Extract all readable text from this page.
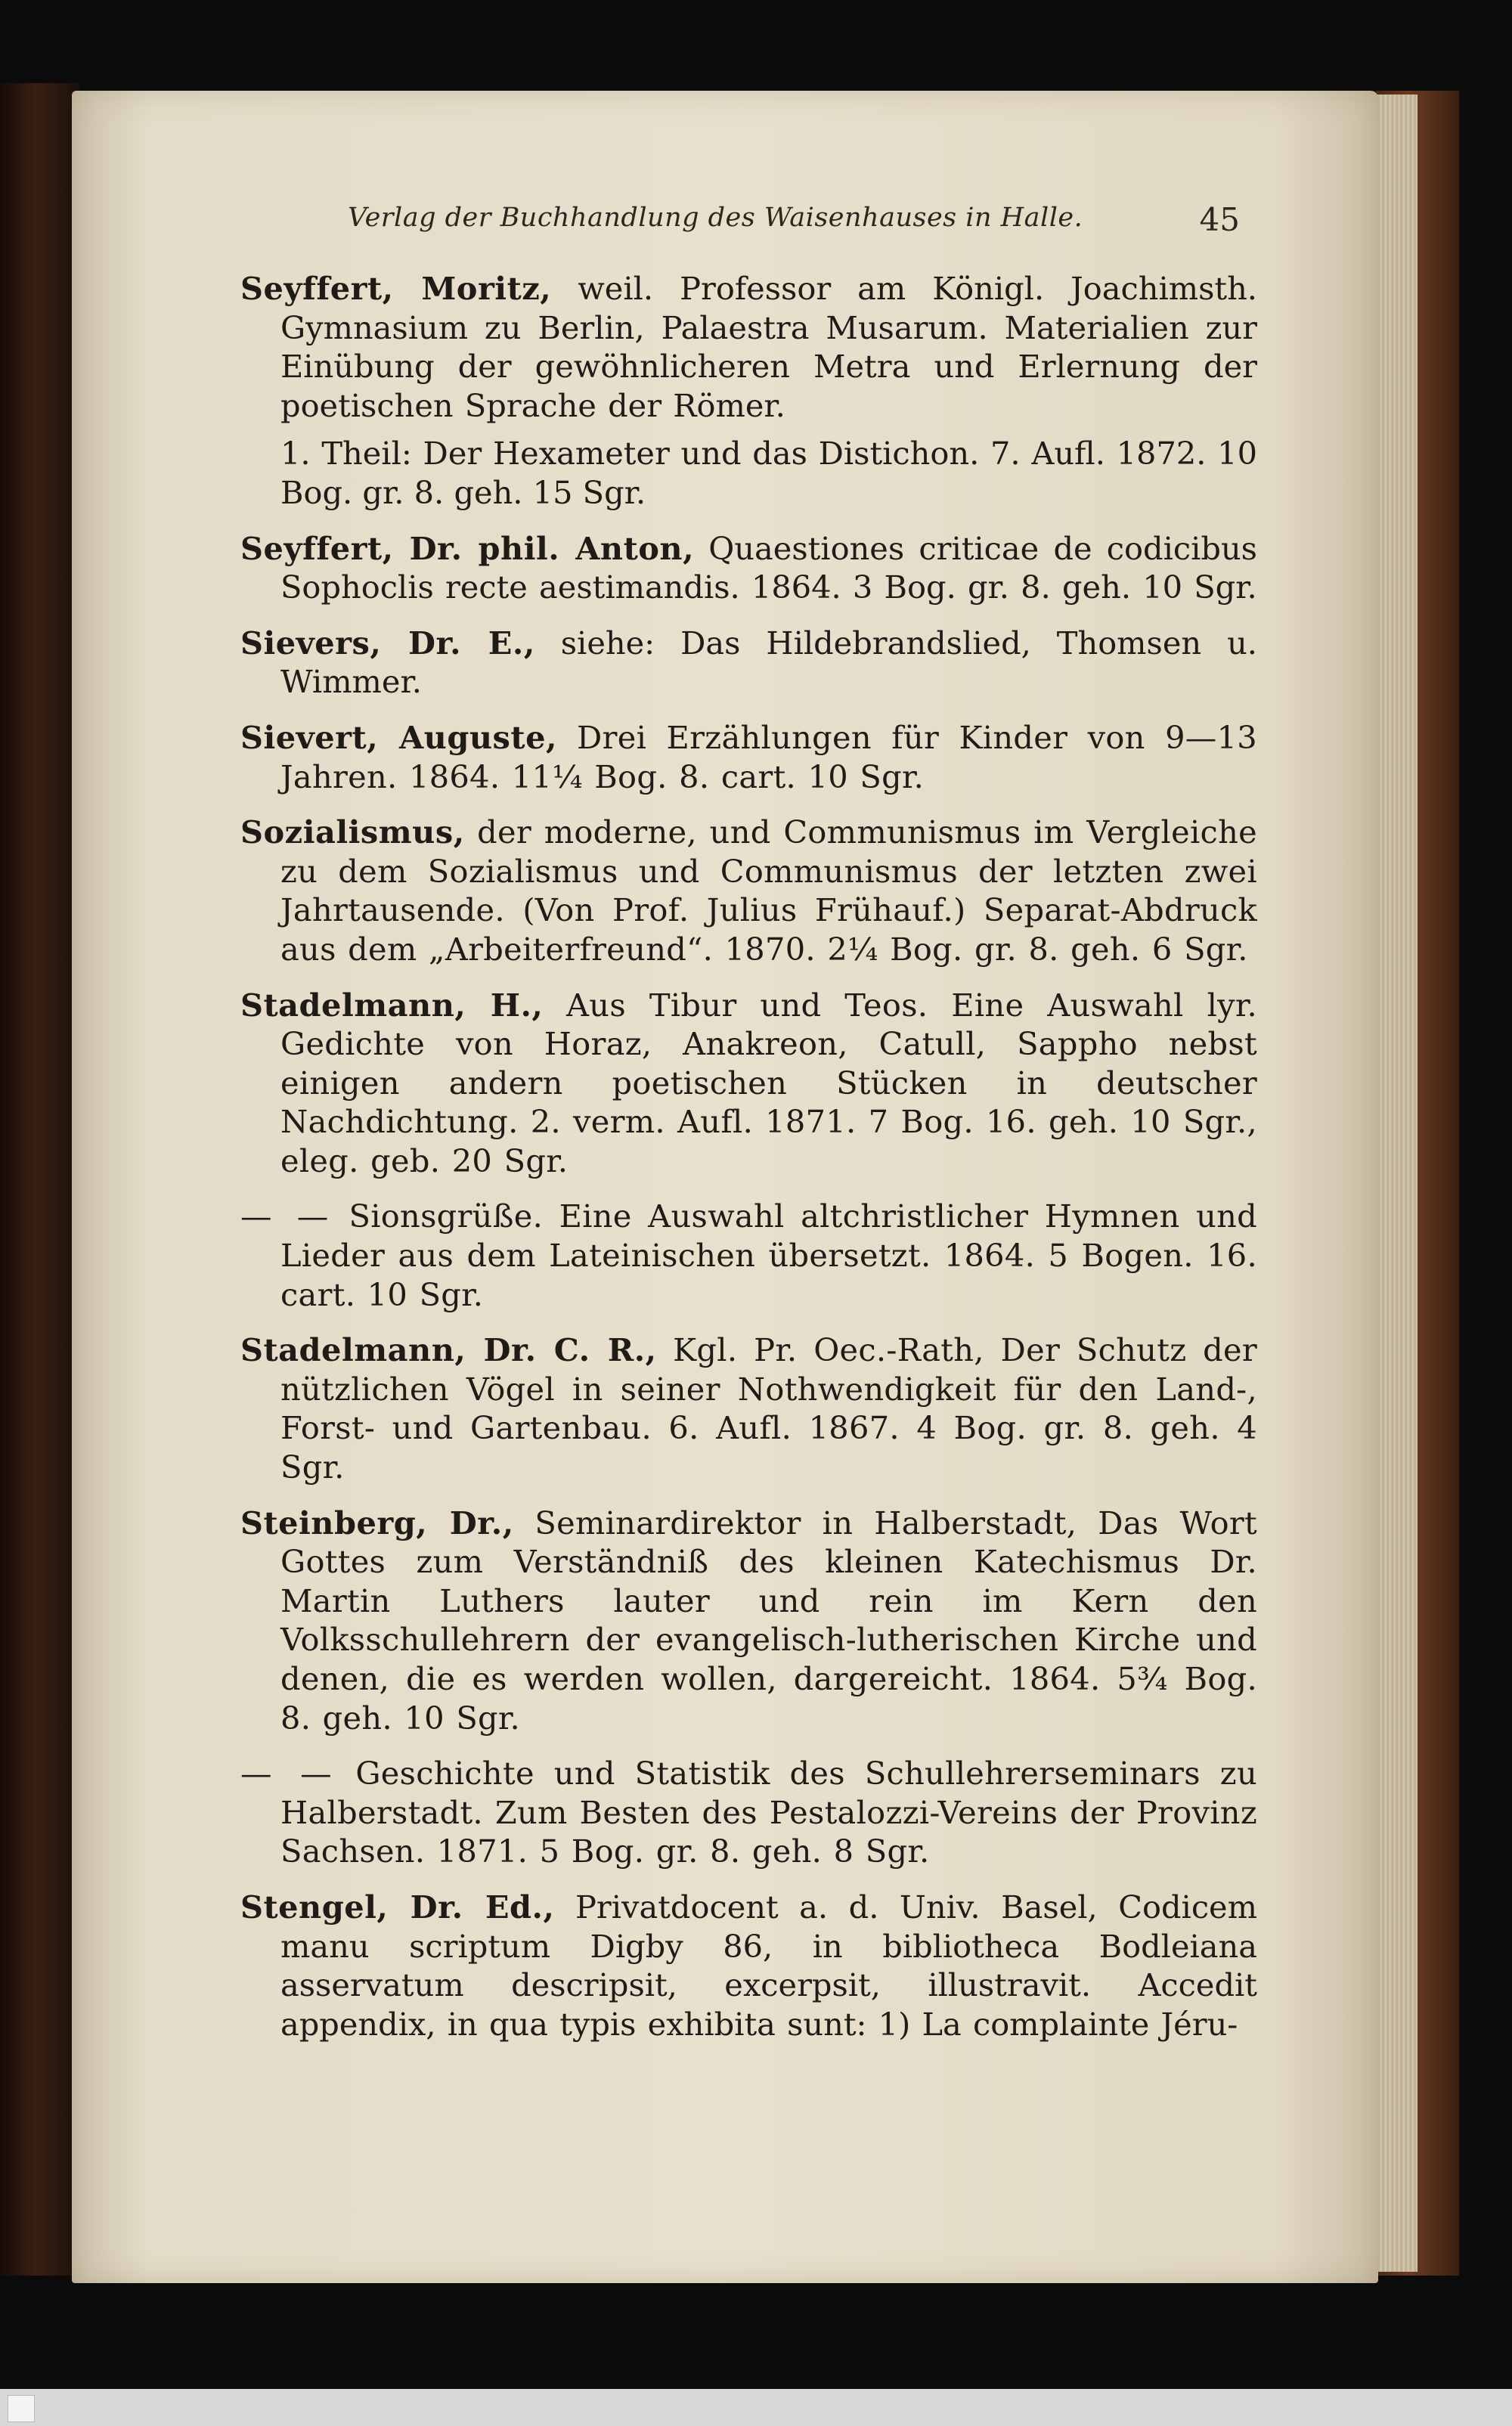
Verlag der Buchhandlung des Waisenhauses in Halle.	45

Seyffert, Moritz, weil. Professor am Königl. Joachimsth. Gymnasium zu Berlin, Palaestra Musarum. Materialien zur Einübung der gewöhnlicheren Metra und Erlernung der poetischen Sprache der Römer.

1. Theil: Der Hexameter und das Distichon. 7. Aufl. 1872. 10 Bog. gr. 8. geh. 15 Sgr.

Seyffert, Dr. phil. Anton, Quaestiones criticae de codicibus Sophoclis recte aestimandis. 1864. 3 Bog. gr. 8. geh. 10 Sgr.

Sievers, Dr. E., siehe: Das Hildebrandslied, Thomsen u. Wimmer.

Sievert, Auguste, Drei Erzählungen für Kinder von 9—13 Jahren. 1864. 11¼ Bog. 8. cart. 10 Sgr.

Sozialismus, der moderne, und Communismus im Vergleiche zu dem Sozialismus und Communismus der letzten zwei Jahrtausende. (Von Prof. Julius Frühauf.) Separat-Abdruck aus dem „Arbeiterfreund“. 1870. 2¼ Bog. gr. 8. geh. 6 Sgr.

Stadelmann, H., Aus Tibur und Teos. Eine Auswahl lyr. Gedichte von Horaz, Anakreon, Catull, Sappho nebst einigen andern poetischen Stücken in deutscher Nachdichtung. 2. verm. Aufl. 1871. 7 Bog. 16. geh. 10 Sgr., eleg. geb. 20 Sgr.

— — Sionsgrüße. Eine Auswahl altchristlicher Hymnen und Lieder aus dem Lateinischen übersetzt. 1864. 5 Bogen. 16. cart. 10 Sgr.

Stadelmann, Dr. C. R., Kgl. Pr. Oec.-Rath, Der Schutz der nützlichen Vögel in seiner Nothwendigkeit für den Land-, Forst- und Gartenbau. 6. Aufl. 1867. 4 Bog. gr. 8. geh. 4 Sgr.

Steinberg, Dr., Seminardirektor in Halberstadt, Das Wort Gottes zum Verständniß des kleinen Katechismus Dr. Martin Luthers lauter und rein im Kern den Volksschullehrern der evangelisch-lutherischen Kirche und denen, die es werden wollen, dargereicht. 1864. 5¾ Bog. 8. geh. 10 Sgr.

— — Geschichte und Statistik des Schullehrerseminars zu Halberstadt. Zum Besten des Pestalozzi-Vereins der Provinz Sachsen. 1871. 5 Bog. gr. 8. geh. 8 Sgr.

Stengel, Dr. Ed., Privatdocent a. d. Univ. Basel, Codicem manu scriptum Digby 86, in bibliotheca Bodleiana asservatum descripsit, excerpsit, illustravit. Accedit appendix, in qua typis exhibita sunt: 1) La complainte Jéru-
